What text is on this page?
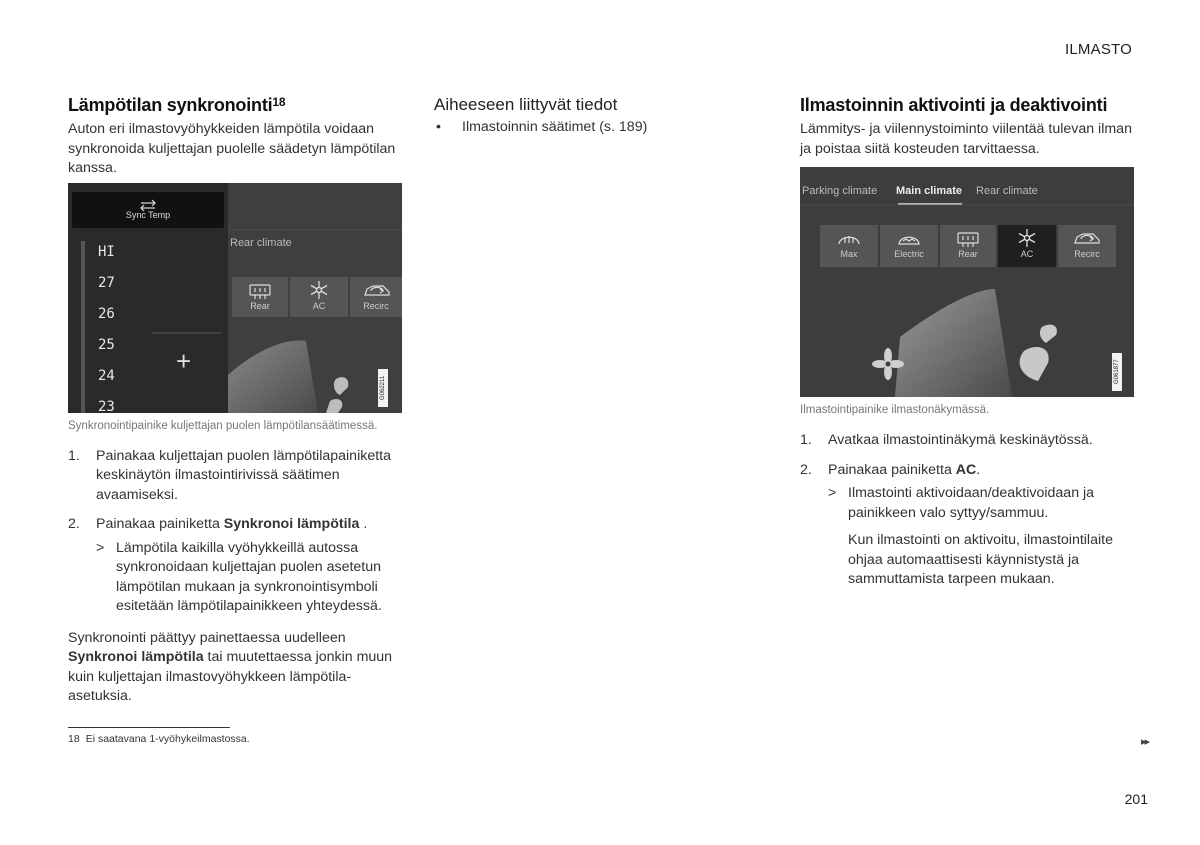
ILMASTO
▸▸
201
Lämpötilan synkronointi$^{18}$

Auton eri ilmastovyöhykkeiden lämpötila voidaan synkronoida kuljettajan puolelle säädetyn lämpötilan kanssa.

Sync Temp
HI
27
26
25
24
23
+
Rear climate
Rear	AC	Recirc
G062211

Synkronointipainike kuljettajan puolen lämpötilansäätimessä.

1. Painakaa kuljettajan puolen lämpötilapainiketta keskinäytön ilmastointirivissä säätimen avaamiseksi.
2. Painakaa painiketta Synkronoi lämpötila .
> Lämpötila kaikilla vyöhykkeillä autossa synkronoidaan kuljettajan puolen asetetun lämpötilan mukaan ja synkronointisymboli esitetään lämpötilapainikkeen yhteydessä.

Synkronointi päättyy painettaessa uudelleen Synkronoi lämpötila tai muutettaessa jonkin muun kuin kuljettajan ilmastovyöhykkeen lämpötila-asetuksia.

Aiheeseen liittyvät tiedot
• Ilmastoinnin säätimet (s. 189)
Ilmastoinnin aktivointi ja deaktivointi

Lämmitys- ja viilennystoiminto viilentää tulevan ilman ja poistaa siitä kosteuden tarvittaessa.

Parking climate Main climate Rear climate
Max	Electric	Rear	AC	Recirc
G061877

Ilmastointipainike ilmastonäkymässä.

1. Avatkaa ilmastointinäkymä keskinäytössä.
2. Painakaa painiketta AC.
> Ilmastointi aktivoidaan/deaktivoidaan ja painikkeen valo syttyy/sammuu.
Kun ilmastointi on aktivoitu, ilmastointilaite ohjaa automaattisesti käynnistystä ja sammuttamista tarpeen mukaan.
18 Ei saatavana 1-vyöhykeilmastossa.
